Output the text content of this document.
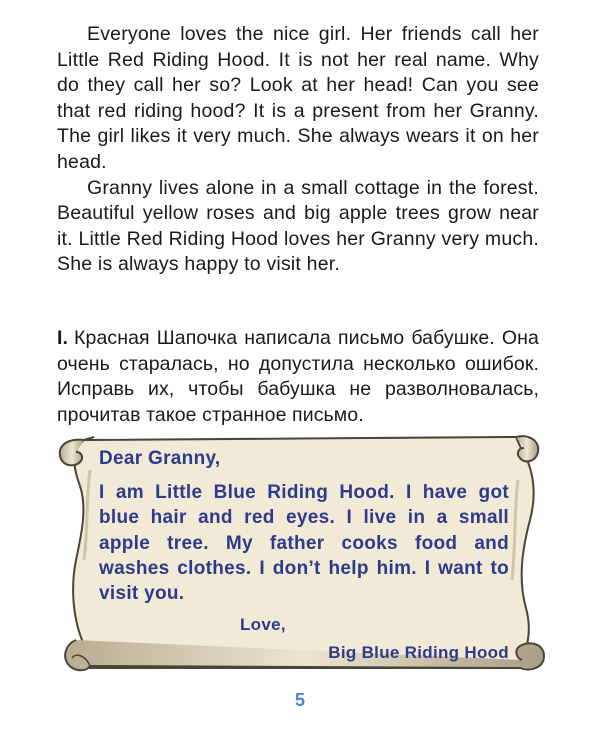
Everyone loves the nice girl. Her friends call her Little Red Riding Hood. It is not her real name. Why do they call her so? Look at her head! Can you see that red riding hood? It is a present from her Granny. The girl likes it very much. She always wears it on her head.

Granny lives alone in a small cottage in the forest. Beautiful yellow roses and big apple trees grow near it. Little Red Riding Hood loves her Granny very much. She is always happy to visit her.

I. Красная Шапочка написала письмо бабушке. Она очень старалась, но допустила несколько ошибок. Исправь их, чтобы бабушка не разволновалась, прочитав такое странное письмо.
Dear Granny,
I am Little Blue Riding Hood. I have got blue hair and red eyes. I live in a small apple tree. My father cooks food and washes clothes. I don’t help him. I want to visit you.
Love,
Big Blue Riding Hood
5
